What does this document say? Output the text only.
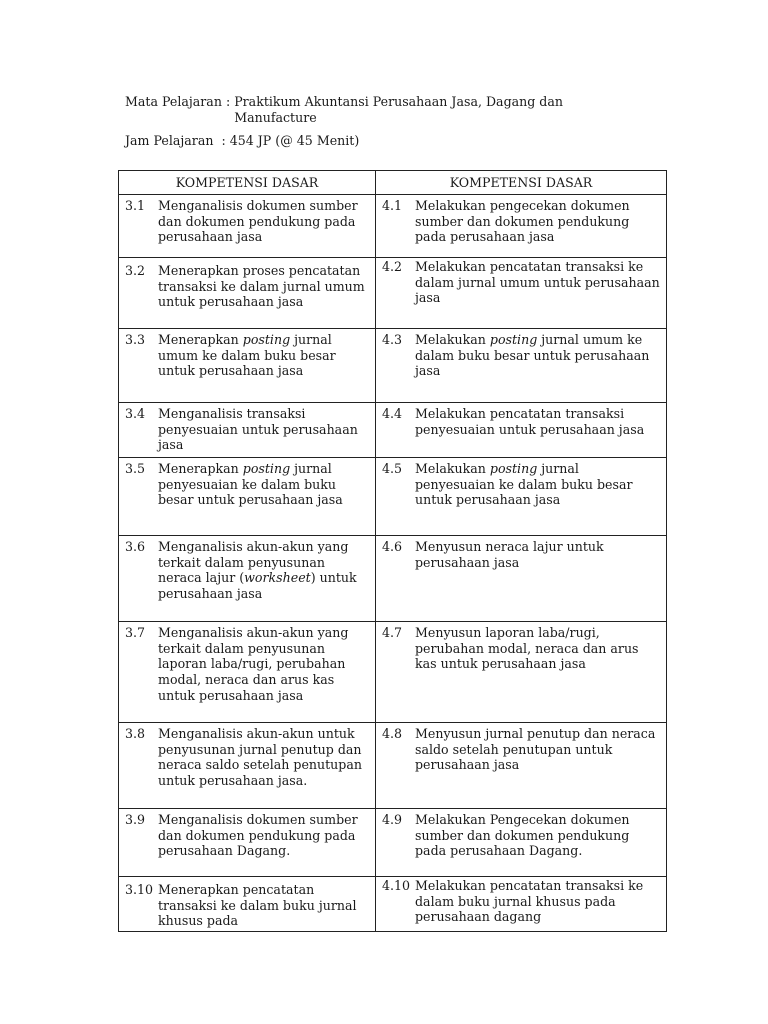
Mata Pelajaran : Praktikum Akuntansi Perusahaan Jasa, Dagang dan Manufacture
Jam Pelajaran : 454 JP (@ 45 Menit)
KOMPETENSI DASAR	KOMPETENSI DASAR

3.1 Menganalisis dokumen sumber dan dokumen pendukung pada perusahaan jasa	4.1 Melakukan pengecekan dokumen sumber dan dokumen pendukung pada perusahaan jasa

3.2 Menerapkan proses pencatatan transaksi ke dalam jurnal umum untuk perusahaan jasa	4.2 Melakukan pencatatan transaksi ke dalam jurnal umum untuk perusahaan jasa

3.3 Menerapkan posting jurnal umum ke dalam buku besar untuk perusahaan jasa	4.3 Melakukan posting jurnal umum ke dalam buku besar untuk perusahaan jasa

3.4 Menganalisis transaksi penyesuaian untuk perusahaan jasa	4.4 Melakukan pencatatan transaksi penyesuaian untuk perusahaan jasa

3.5 Menerapkan posting jurnal penyesuaian ke dalam buku besar untuk perusahaan jasa	4.5 Melakukan posting jurnal penyesuaian ke dalam buku besar untuk perusahaan jasa

3.6 Menganalisis akun-akun yang terkait dalam penyusunan neraca lajur (worksheet) untuk perusahaan jasa	4.6 Menyusun neraca lajur untuk perusahaan jasa

3.7 Menganalisis akun-akun yang terkait dalam penyusunan laporan laba/rugi, perubahan modal, neraca dan arus kas untuk perusahaan jasa	4.7 Menyusun laporan laba/rugi, perubahan modal, neraca dan arus kas untuk perusahaan jasa

3.8 Menganalisis akun-akun untuk penyusunan jurnal penutup dan neraca saldo setelah penutupan untuk perusahaan jasa.	4.8 Menyusun jurnal penutup dan neraca saldo setelah penutupan untuk perusahaan jasa

3.9 Menganalisis dokumen sumber dan dokumen pendukung pada perusahaan Dagang.	4.9 Melakukan Pengecekan dokumen sumber dan dokumen pendukung pada perusahaan Dagang.

3.10 Menerapkan pencatatan transaksi ke dalam buku jurnal khusus pada	4.10 Melakukan pencatatan transaksi ke dalam buku jurnal khusus pada perusahaan dagang
